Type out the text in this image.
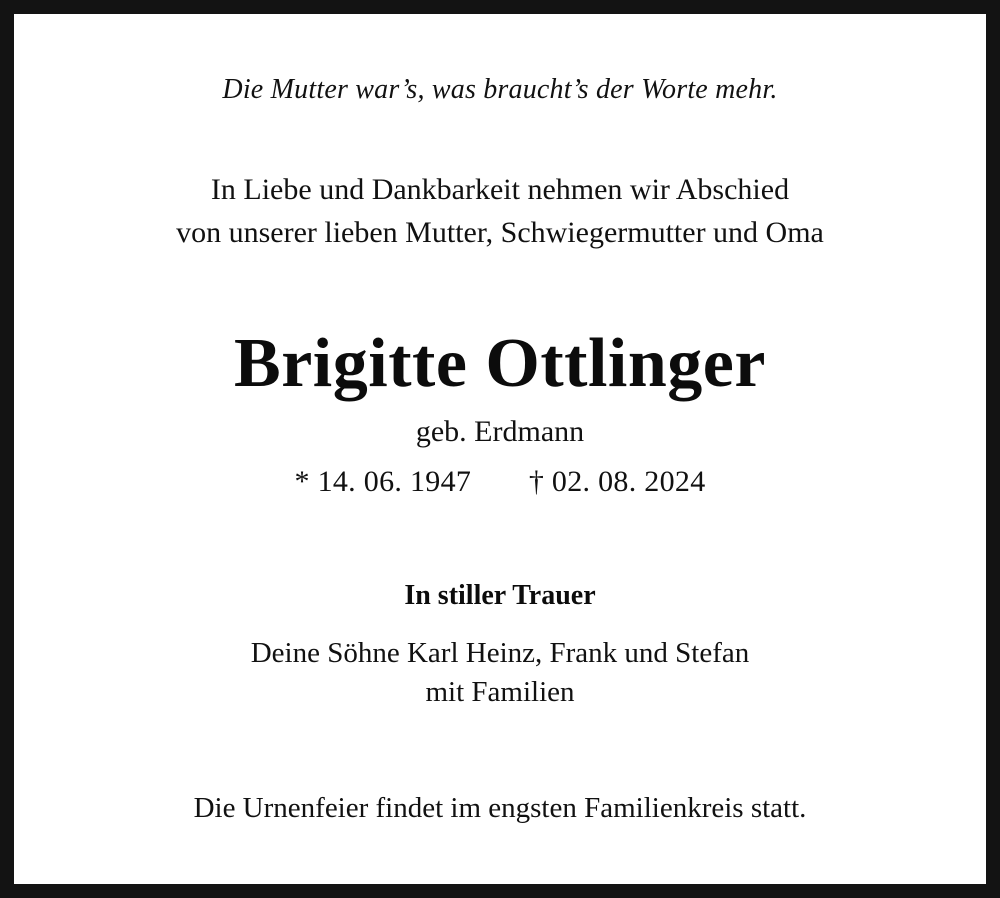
Die Mutter war’s, was braucht’s der Worte mehr.

In Liebe und Dankbarkeit nehmen wir Abschied
von unserer lieben Mutter, Schwiegermutter und Oma
Brigitte Ottlinger
geb. Erdmann
* 14. 06. 1947 † 02. 08. 2024
In stiller Trauer
Deine Söhne Karl Heinz, Frank und Stefan
mit Familien

Die Urnenfeier findet im engsten Familienkreis statt.
